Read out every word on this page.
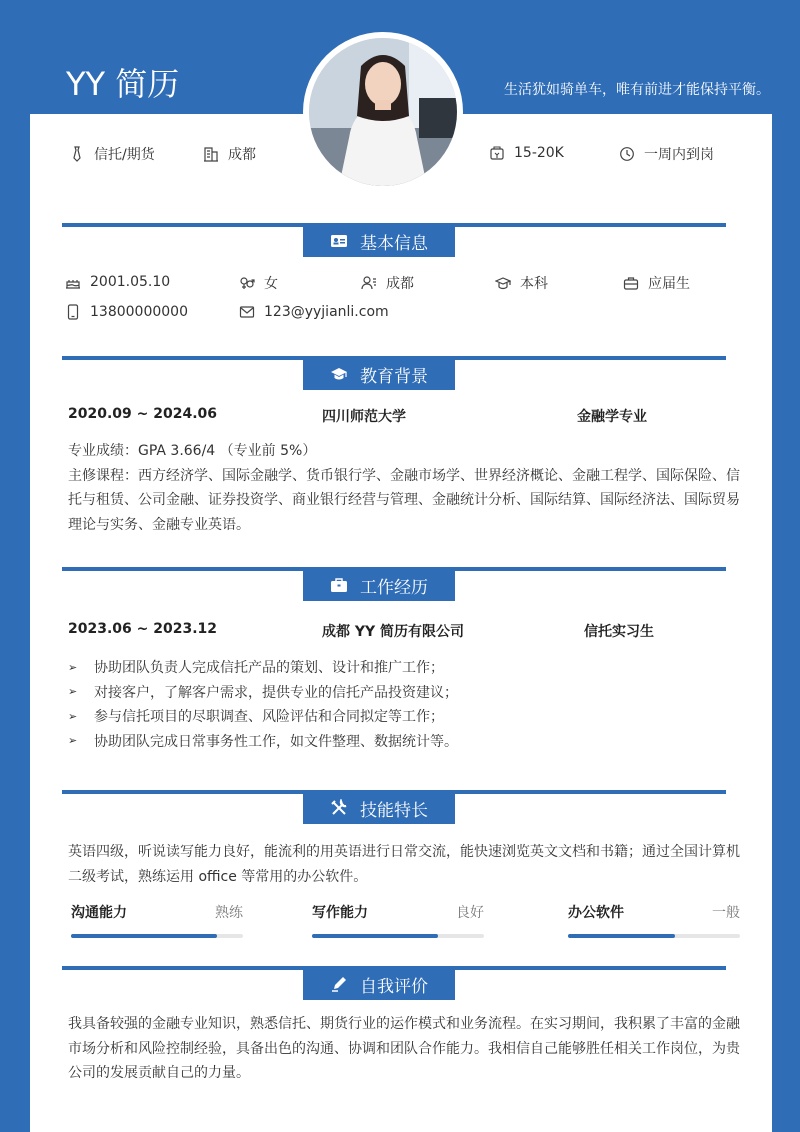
YY 简历	生活犹如骑单车，唯有前进才能保持平衡。
信托/期货	成都	15-20K	一周内到岗
基本信息
2001.05.10	女	成都	本科	应届生
13800000000	123@yyjianli.com
教育背景
2020.09 ~ 2024.06	四川师范大学	金融学专业
专业成绩：GPA 3.66/4 （专业前 5%）
主修课程：西方经济学、国际金融学、货币银行学、金融市场学、世界经济概论、金融工程学、国际保险、信托与租赁、公司金融、证券投资学、商业银行经营与管理、金融统计分析、国际结算、国际经济法、国际贸易理论与实务、金融专业英语。
工作经历
2023.06 ~ 2023.12	成都 YY 简历有限公司	信托实习生
➢	协助团队负责人完成信托产品的策划、设计和推广工作；
➢	对接客户，了解客户需求，提供专业的信托产品投资建议；
➢	参与信托项目的尽职调查、风险评估和合同拟定等工作；
➢	协助团队完成日常事务性工作，如文件整理、数据统计等。
技能特长
英语四级，听说读写能力良好，能流利的用英语进行日常交流，能快速浏览英文文档和书籍；通过全国计算机二级考试，熟练运用 office 等常用的办公软件。
沟通能力	熟练	写作能力	良好	办公软件	一般
自我评价
我具备较强的金融专业知识，熟悉信托、期货行业的运作模式和业务流程。在实习期间，我积累了丰富的金融市场分析和风险控制经验，具备出色的沟通、协调和团队合作能力。我相信自己能够胜任相关工作岗位，为贵公司的发展贡献自己的力量。
